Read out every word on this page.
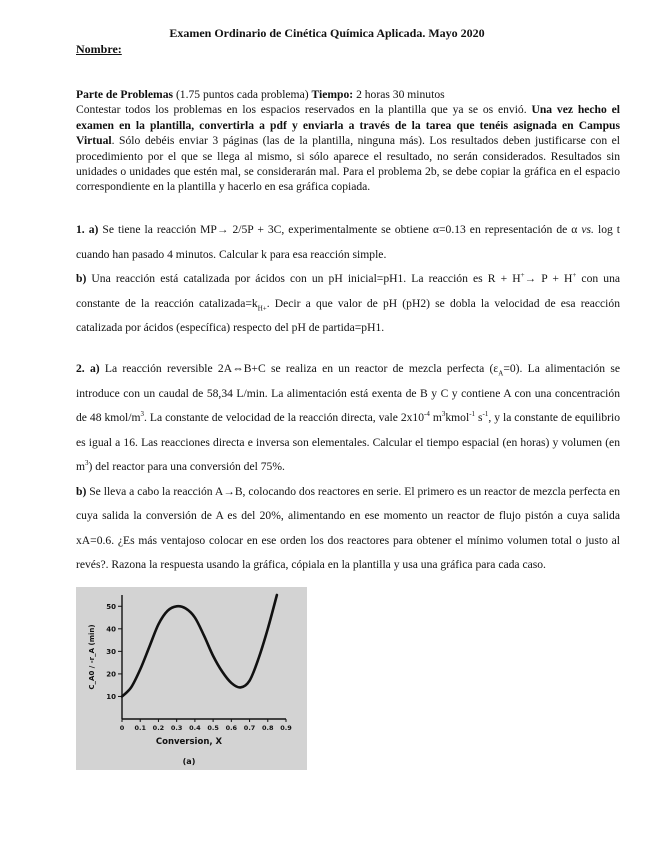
Examen Ordinario de Cinética Química Aplicada. Mayo 2020
Nombre:

Parte de Problemas (1.75 puntos cada problema) Tiempo: 2 horas 30 minutos
Contestar todos los problemas en los espacios reservados en la plantilla que ya se os envió. Una vez hecho el examen en la plantilla, convertirla a pdf y enviarla a través de la tarea que tenéis asignada en Campus Virtual. Sólo debéis enviar 3 páginas (las de la plantilla, ninguna más). Los resultados deben justificarse con el procedimiento por el que se llega al mismo, si sólo aparece el resultado, no serán considerados. Resultados sin unidades o unidades que estén mal, se considerarán mal. Para el problema 2b, se debe copiar la gráfica en el espacio correspondiente en la plantilla y hacerlo en esa gráfica copiada.

1. a) Se tiene la reacción MP→ 2/5P + 3C, experimentalmente se obtiene α=0.13 en representación de α vs. log t cuando han pasado 4 minutos. Calcular k para esa reacción simple.
b) Una reacción está catalizada por ácidos con un pH inicial=pH1. La reacción es R + H+→ P + H+ con una constante de la reacción $catalizada=k_{H+}$. Decir a que valor de pH (pH2) se dobla la velocidad de esa reacción catalizada por ácidos (específica) respecto del pH de partida=pH1.

2. a) La reacción reversible 2A⇔B+C se realiza en un reactor de mezcla perfecta $(\varepsilon_A=0)$. La alimentación se introduce con un caudal de 58,34 L/min. La alimentación está exenta de B y C y contiene A con una concentración de 48 kmol/$m^3$. La constante de velocidad de la reacción directa, vale $2x10^{-4}$ $m^3kmol^{-1}$ $s^{-1}$, y la constante de equilibrio es igual a 16. Las reacciones directa e inversa son elementales. Calcular el tiempo espacial (en horas) y volumen (en $m^3$) del reactor para una conversión del 75%.
b) Se lleva a cabo la reacción A→B, colocando dos reactores en serie. El primero es un reactor de mezcla perfecta en cuya salida la conversión de A es del 20%, alimentando en ese momento un reactor de flujo pistón a cuya salida xA=0.6. ¿Es más ventajoso colocar en ese orden los dos reactores para obtener el mínimo volumen total o justo al revés?. Razona la respuesta usando la gráfica, cópiala en la plantilla y usa una gráfica para cada caso.

0 0.1 0.2 0.3 0.4 0.5 0.6 0.7 0.8 0.9
10
20
30
40
50
Conversion, X
C_A0 / -r_A (min)
(a)
